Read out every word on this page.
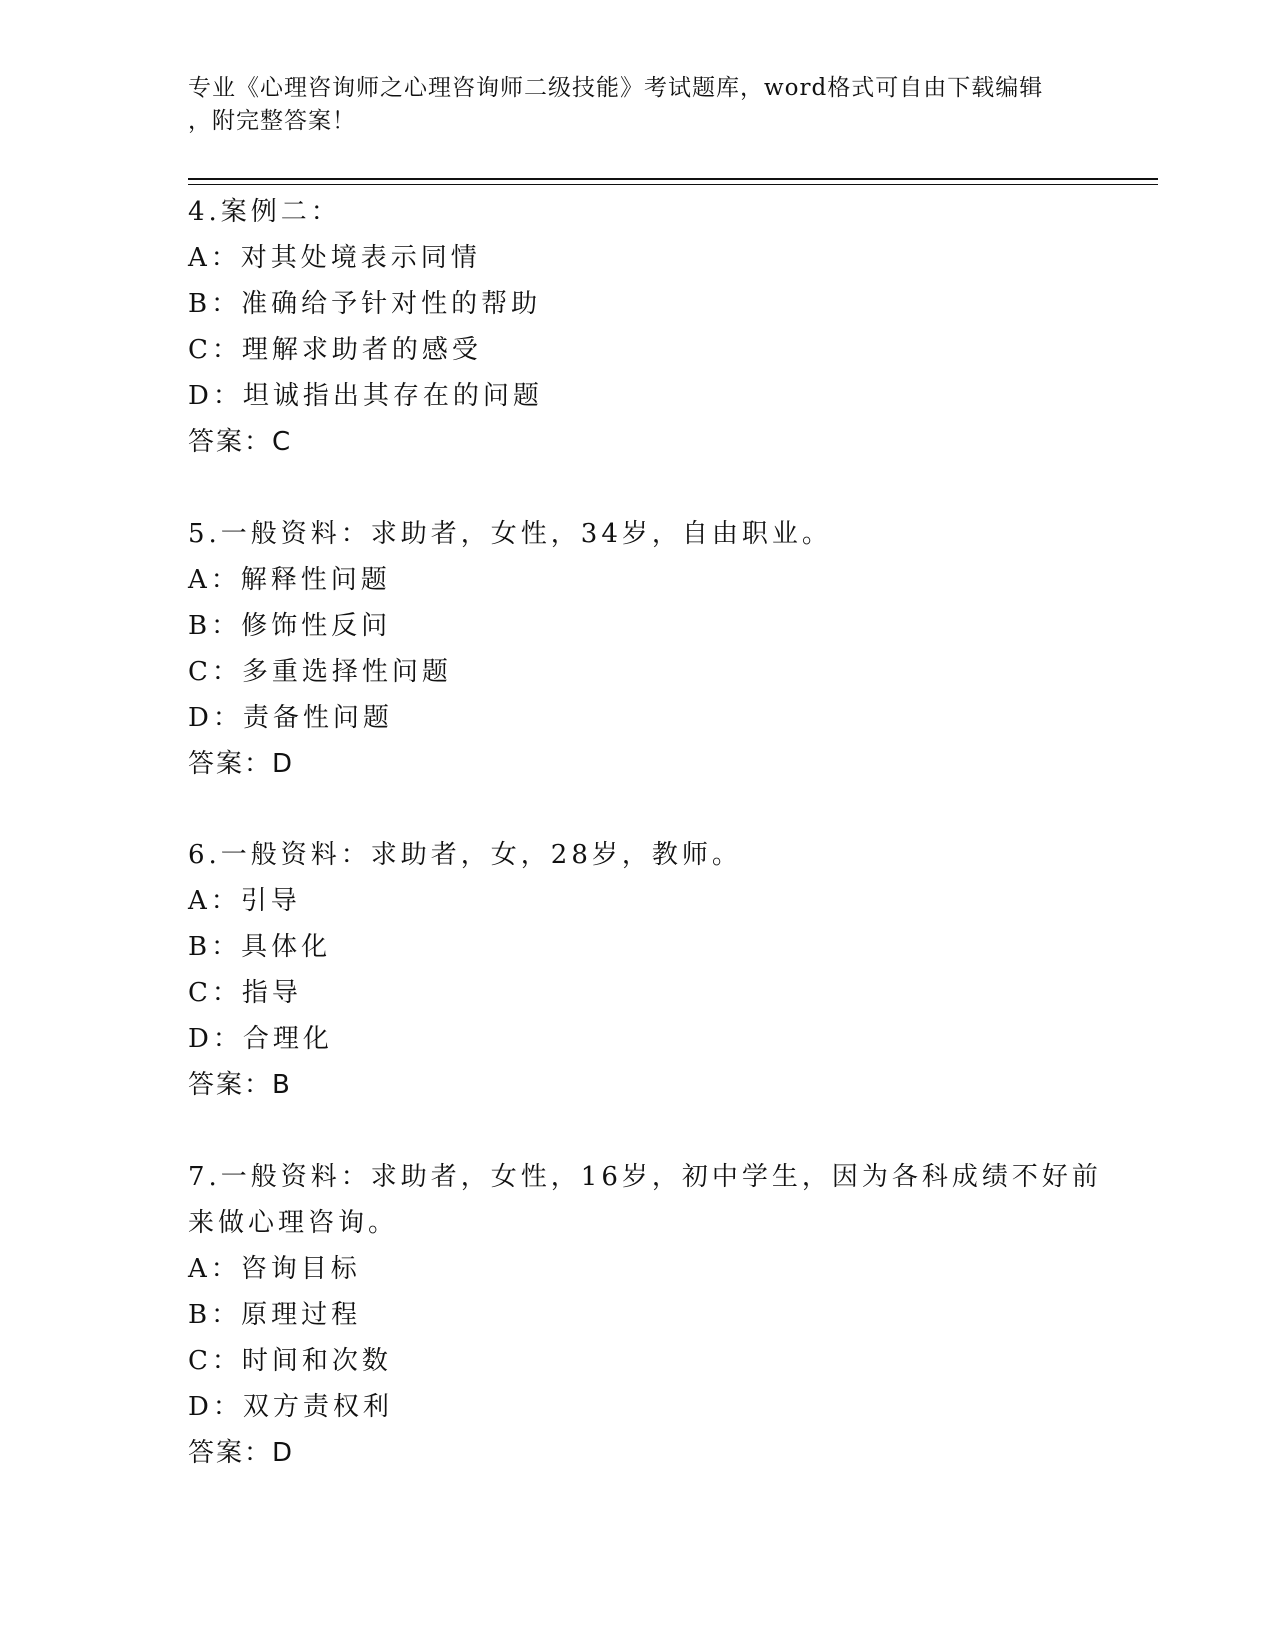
专业《心理咨询师之心理咨询师二级技能》考试题库，word格式可自由下载编辑
，附完整答案！
4.案例二：
A：对其处境表示同情
B：准确给予针对性的帮助
C：理解求助者的感受
D：坦诚指出其存在的问题
答案：C
5.一般资料：求助者，女性，34岁，自由职业。
A：解释性问题
B：修饰性反问
C：多重选择性问题
D：责备性问题
答案：D
6.一般资料：求助者，女，28岁，教师。
A：引导
B：具体化
C：指导
D：合理化
答案：B
7.一般资料：求助者，女性，16岁，初中学生，因为各科成绩不好前
来做心理咨询。
A：咨询目标
B：原理过程
C：时间和次数
D：双方责权利
答案：D
